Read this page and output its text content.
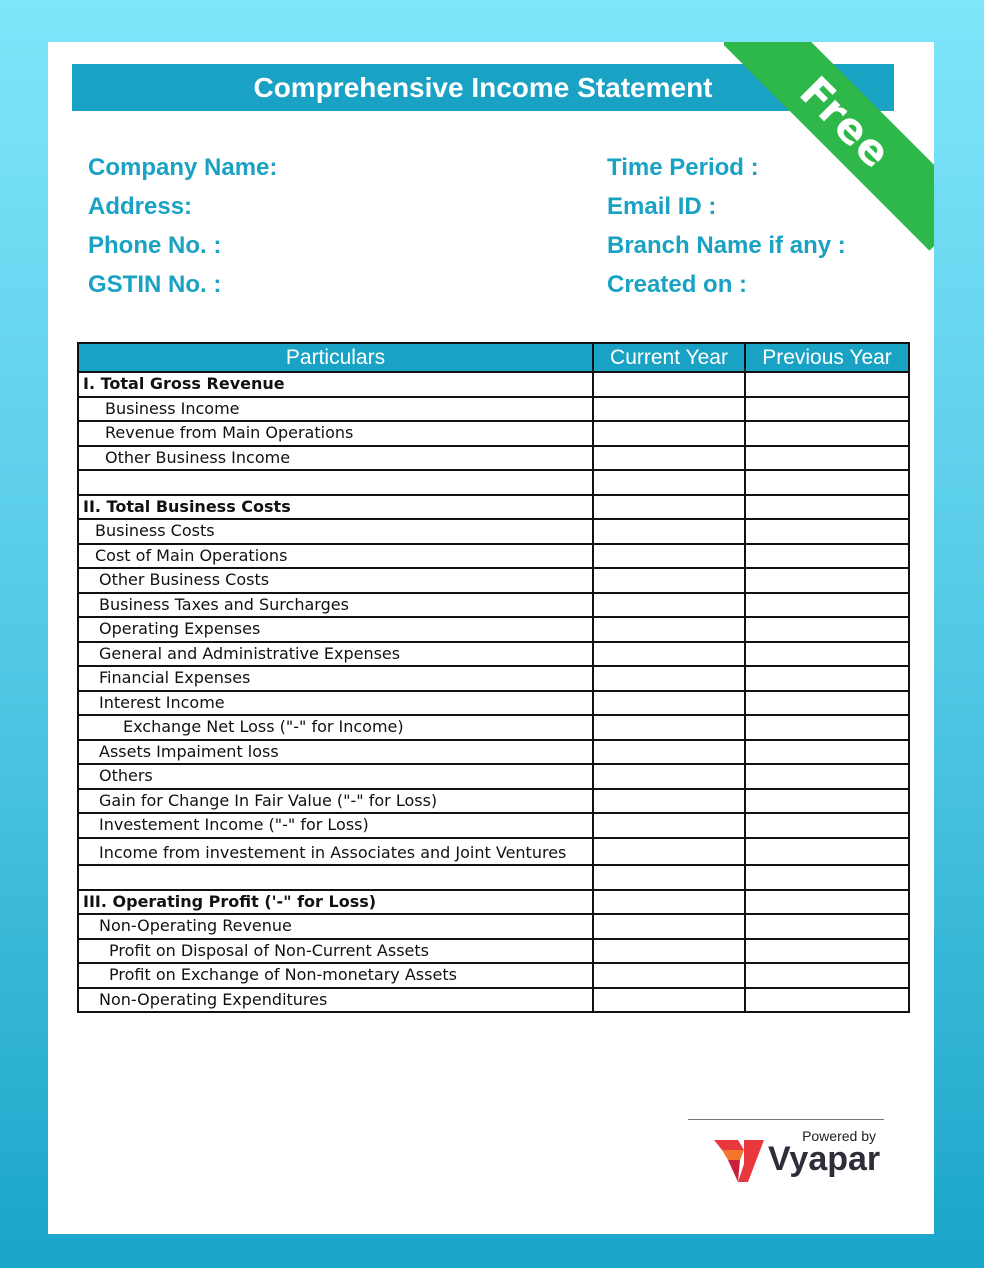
Free
Comprehensive Income Statement
Company Name:
Address:
Phone No. :
GSTIN No. :
Time Period :
Email ID :
Branch Name if any :
Created on :
Particulars	Current Year	Previous Year
I. Total Gross Revenue		
Business Income		
Revenue from Main Operations		
Other Business Income		

II. Total Business Costs		
Business Costs		
Cost of Main Operations		
Other Business Costs		
Business Taxes and Surcharges		
Operating Expenses		
General and Administrative Expenses		
Financial Expenses		
Interest Income		
Exchange Net Loss ("-" for Income)		
Assets Impaiment loss		
Others		
Gain for Change In Fair Value ("-" for Loss)		
Investement Income ("-" for Loss)		
Income from investement in Associates and Joint Ventures		

III. Operating Profit ('-" for Loss)		
Non-Operating Revenue		
Profit on Disposal of Non-Current Assets		
Profit on Exchange of Non-monetary Assets		
Non-Operating Expenditures		
Powered by
Vyapar
